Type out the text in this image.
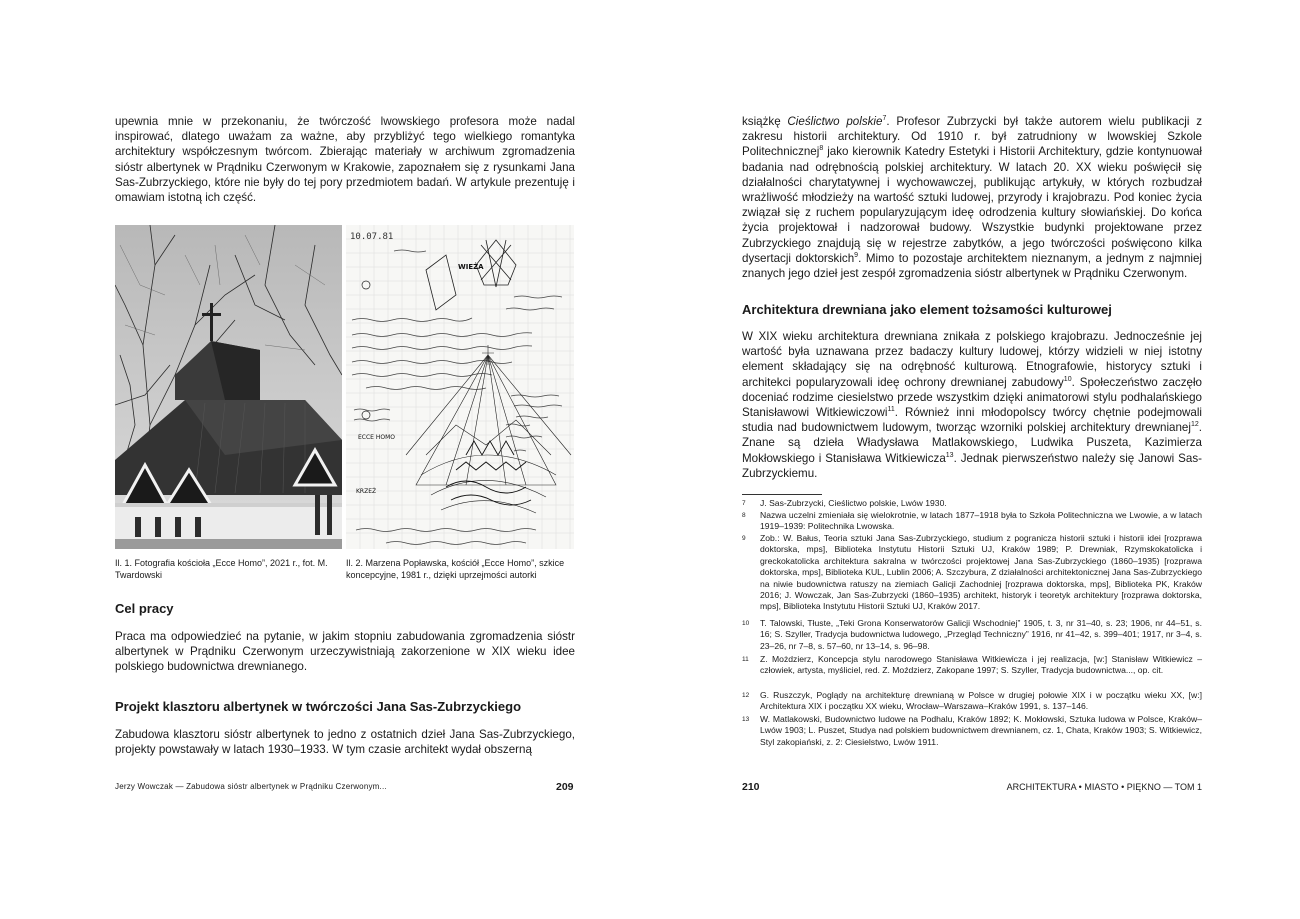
upewnia mnie w przekonaniu, że twórczość lwowskiego profesora może nadal inspirować, dlatego uważam za ważne, aby przybliżyć tego wielkiego romantyka architektury współczesnym twórcom. Zbierając materiały w archiwum zgromadzenia sióstr albertynek w Prądniku Czerwonym w Krakowie, zapoznałem się z rysunkami Jana Sas-Zubrzyckiego, które nie były do tej pory przedmiotem badań. W artykule prezentuję i omawiam istotną ich część.

10.07.81
WIEŻA
ECCE HOMO
KRZEŻ

Il. 1. Fotografia kościoła „Ecce Homo”, 2021 r., fot. M. Twardowski

Il. 2. Marzena Popławska, kościół „Ecce Homo”, szkice koncepcyjne, 1981 r., dzięki uprzejmości autorki

Cel pracy

Praca ma odpowiedzieć na pytanie, w jakim stopniu zabudowania zgromadzenia sióstr albertynek w Prądniku Czerwonym urzeczywistniają zakorzenione w XIX wieku idee polskiego budownictwa drewnianego.

Projekt klasztoru albertynek w twórczości Jana Sas-Zubrzyckiego

Zabudowa klasztoru sióstr albertynek to jedno z ostatnich dzieł Jana Sas-Zubrzyckiego, projekty powstawały w latach 1930–1933. W tym czasie architekt wydał obszerną

Jerzy Wowczak — Zabudowa sióstr albertynek w Prądniku Czerwonym...	209

książkę Cieślictwo polskie$^7$. Profesor Zubrzycki był także autorem wielu publikacji z zakresu historii architektury. Od 1910 r. był zatrudniony w lwowskiej Szkole Politechnicznej$^8$ jako kierownik Katedry Estetyki i Historii Architektury, gdzie kontynuował badania nad odrębnością polskiej architektury. W latach 20. XX wieku poświęcił się działalności charytatywnej i wychowawczej, publikując artykuły, w których rozbudzał wrażliwość młodzieży na wartość sztuki ludowej, przyrody i krajobrazu. Pod koniec życia związał się z ruchem popularyzującym ideę odrodzenia kultury słowiańskiej. Do końca życia projektował i nadzorował budowy. Wszystkie budynki projektowane przez Zubrzyckiego znajdują się w rejestrze zabytków, a jego twórczości poświęcono kilka dysertacji doktorskich$^9$. Mimo to pozostaje architektem nieznanym, a jednym z najmniej znanych jego dzieł jest zespół zgromadzenia sióstr albertynek w Prądniku Czerwonym.

Architektura drewniana jako element tożsamości kulturowej

W XIX wieku architektura drewniana znikała z polskiego krajobrazu. Jednocześnie jej wartość była uznawana przez badaczy kultury ludowej, którzy widzieli w niej istotny element składający się na odrębność kulturową. Etnografowie, historycy sztuki i architekci popularyzowali ideę ochrony drewnianej zabudowy$^{10}$. Społeczeństwo zaczęło doceniać rodzime ciesielstwo przede wszystkim dzięki animatorowi stylu podhalańskiego Stanisławowi Witkiewiczowi$^{11}$. Również inni młodopolscy twórcy chętnie podejmowali studia nad budownictwem ludowym, tworząc wzorniki polskiej architektury drewnianej$^{12}$. Znane są dzieła Władysława Matlakowskiego, Ludwika Puszeta, Kazimierza Mokłowskiego i Stanisława Witkiewicza$^{13}$. Jednak pierwszeństwo należy się Janowi Sas-Zubrzyckiemu.

7 J. Sas-Zubrzycki, Cieślictwo polskie, Lwów 1930.
8 Nazwa uczelni zmieniała się wielokrotnie, w latach 1877–1918 była to Szkoła Politechniczna we Lwowie, a w latach 1919–1939: Politechnika Lwowska.
9 Zob.: W. Bałus, Teoria sztuki Jana Sas-Zubrzyckiego, studium z pogranicza historii sztuki i historii idei [rozprawa doktorska, mps], Biblioteka Instytutu Historii Sztuki UJ, Kraków 1989; P. Drewniak, Rzymskokatolicka i greckokatolicka architektura sakralna w twórczości projektowej Jana Sas-Zubrzyckiego (1860–1935) [rozprawa doktorska, mps], Biblioteka KUL, Lublin 2006; A. Szczybura, Z działalności architektonicznej Jana Sas-Zubrzyckiego na niwie budownictwa ratuszy na ziemiach Galicji Zachodniej [rozprawa doktorska, mps], Biblioteka PK, Kraków 2016; J. Wowczak, Jan Sas-Zubrzycki (1860–1935) architekt, historyk i teoretyk architektury [rozprawa doktorska, mps], Biblioteka Instytutu Historii Sztuki UJ, Kraków 2017.
10 T. Talowski, Tłuste, „Teki Grona Konserwatorów Galicji Wschodniej” 1905, t. 3, nr 31–40, s. 23; 1906, nr 44–51, s. 16; S. Szyller, Tradycja budownictwa ludowego, „Przegląd Techniczny” 1916, nr 41–42, s. 399–401; 1917, nr 3–4, s. 23–26, nr 7–8, s. 57–60, nr 13–14, s. 96–98.
11 Z. Możdzierz, Koncepcja stylu narodowego Stanisława Witkiewicza i jej realizacja, [w:] Stanisław Witkiewicz – człowiek, artysta, myśliciel, red. Z. Moździerz, Zakopane 1997; S. Szyller, Tradycja budownictwa..., op. cit.
12 G. Ruszczyk, Poglądy na architekturę drewnianą w Polsce w drugiej połowie XIX i w początku wieku XX, [w:] Architektura XIX i początku XX wieku, Wrocław–Warszawa–Kraków 1991, s. 137–146.
13 W. Matlakowski, Budownictwo ludowe na Podhalu, Kraków 1892; K. Mokłowski, Sztuka ludowa w Polsce, Kraków–Lwów 1903; L. Puszet, Studya nad polskiem budownictwem drewnianem, cz. 1, Chata, Kraków 1903; S. Witkiewicz, Styl zakopiański, z. 2: Ciesielstwo, Lwów 1911.
210	ARCHITEKTURA • MIASTO • PIĘKNO — TOM 1
